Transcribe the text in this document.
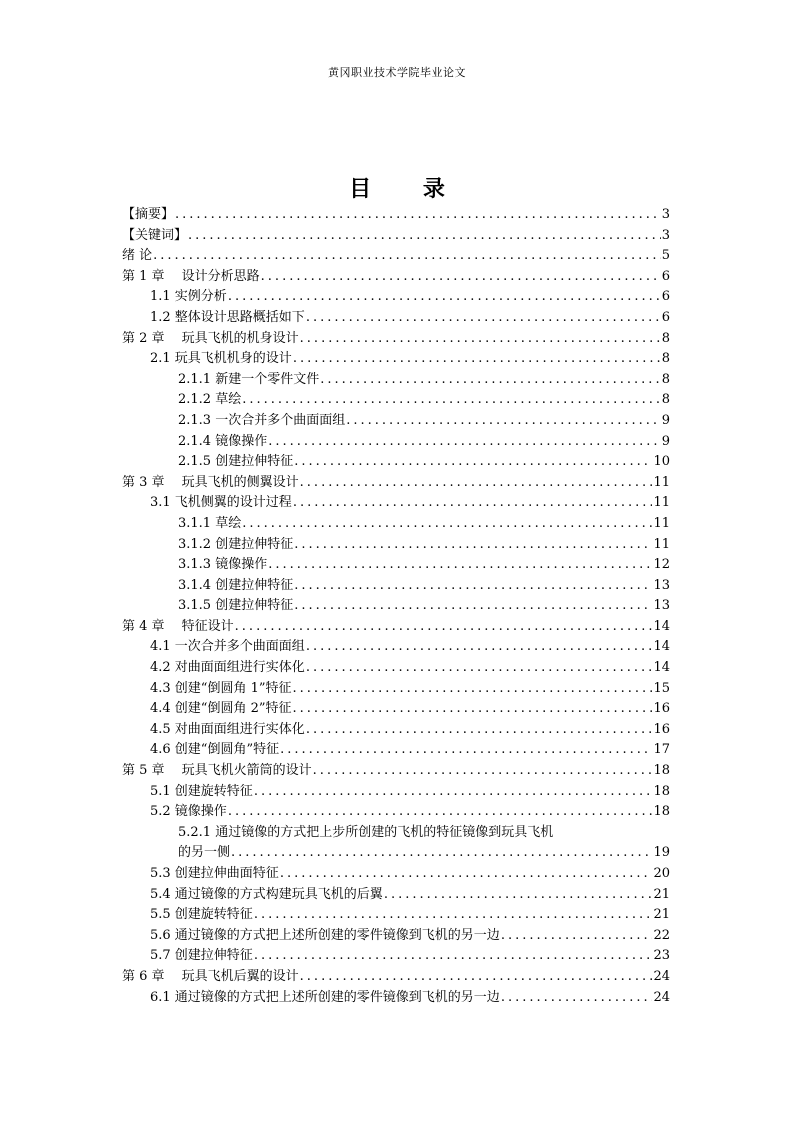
黄冈职业技术学院毕业论文
目 录
【摘要】 .....	3
【关键词】 .....	3
绪 论 .....	5
第 1 章　 设计分析思路 .....	6
1.1 实例分析 .....	6
1.2 整体设计思路概括如下 .....	6
第 2 章　 玩具飞机的机身设计 .....	8
2.1 玩具飞机机身的设计 .....	8
2.1.1 新建一个零件文件 .....	8
2.1.2 草绘 .....	8
2.1.3 一次合并多个曲面面组 .....	9
2.1.4 镜像操作 .....	9
2.1.5 创建拉伸特征 .....	10
第 3 章　 玩具飞机的侧翼设计 .....	11
3.1 飞机侧翼的设计过程 .....	11
3.1.1 草绘 .....	11
3.1.2 创建拉伸特征 .....	11
3.1.3 镜像操作 .....	12
3.1.4 创建拉伸特征 .....	13
3.1.5 创建拉伸特征 .....	13
第 4 章　 特征设计 .....	14
4.1 一次合并多个曲面面组 .....	14
4.2 对曲面面组进行实体化 .....	14
4.3 创建“倒圆角 1”特征 .....	15
4.4 创建“倒圆角 2”特征 .....	16
4.5 对曲面面组进行实体化 .....	16
4.6 创建“倒圆角”特征 .....	17
第 5 章　 玩具飞机火箭筒的设计 .....	18
5.1 创建旋转特征 .....	18
5.2 镜像操作 .....	18
5.2.1 通过镜像的方式把上步所创建的飞机的特征镜像到玩具飞机
的另一侧 .....	19
5.3 创建拉伸曲面特征 .....	20
5.4 通过镜像的方式构建玩具飞机的后翼 .....	21
5.5 创建旋转特征 .....	21
5.6 通过镜像的方式把上述所创建的零件镜像到飞机的另一边 .....	22
5.7 创建拉伸特征 .....	23
第 6 章　 玩具飞机后翼的设计 .....	24
6.1 通过镜像的方式把上述所创建的零件镜像到飞机的另一边 .....	24
